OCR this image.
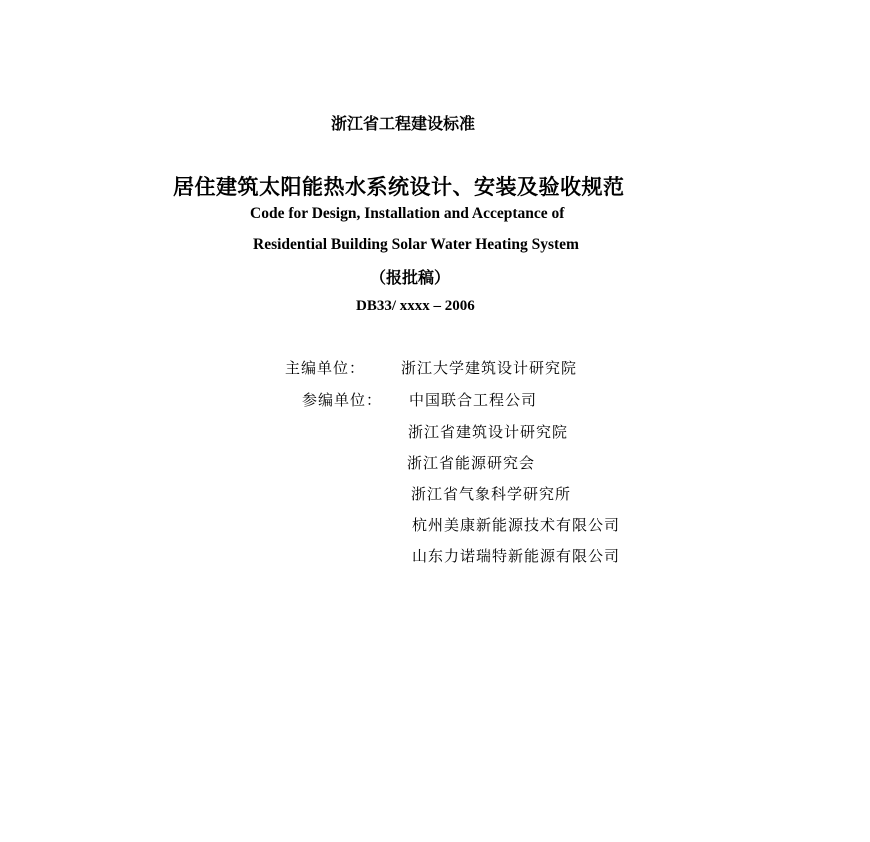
浙江省工程建设标准
居住建筑太阳能热水系统设计、安装及验收规范
Code for Design, Installation and Acceptance of
Residential Building Solar Water Heating System
（报批稿）
DB33/ xxxx – 2006
主编单位： 浙江大学建筑设计研究院
参编单位： 中国联合工程公司
浙江省建筑设计研究院
浙江省能源研究会
浙江省气象科学研究所
杭州美康新能源技术有限公司
山东力诺瑞特新能源有限公司
